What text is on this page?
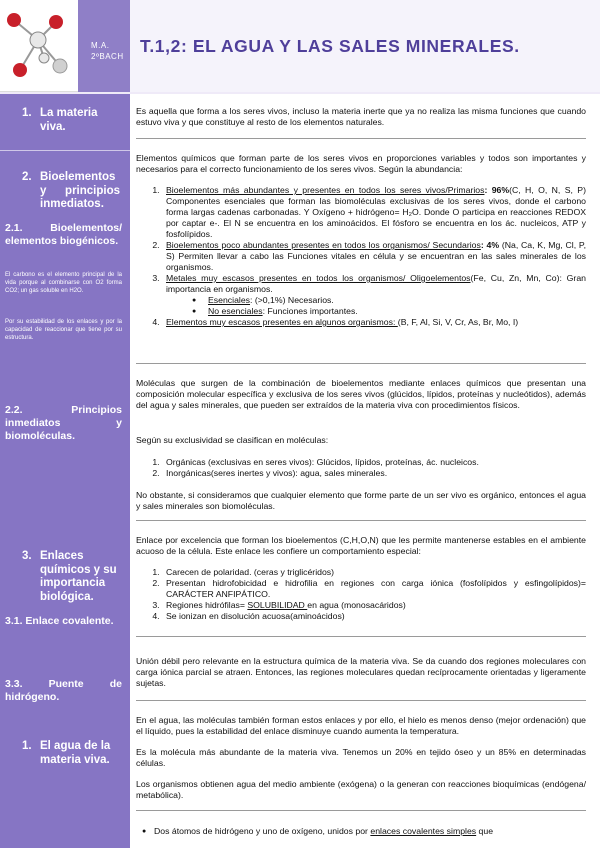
M.A.
2ºBACH
T.1,2: EL AGUA Y LAS SALES MINERALES.
1. La materia viva.
2. Bioelementos y principios inmediatos.
2.1. Bioelementos/ elementos biogénicos.
El carbono es el elemento principal de la vida porque al combinarse con O2 forma CO2; un gas soluble en H2O.
Por su estabilidad de los enlaces y por la capacidad de reaccionar que tiene por su estructura.
2.2. Principios inmediatos y biomoléculas.
3. Enlaces químicos y su importancia biológica.
3.1. Enlace covalente.
3.3. Puente de hidrógeno.
1. El agua de la materia viva.
Es aquella que forma a los seres vivos, incluso la materia inerte que ya no realiza las misma funciones que cuando estuvo viva y que constituye al resto de los elementos naturales.
Elementos químicos que forman parte de los seres vivos en proporciones variables y todos son importantes y necesarios para el correcto funcionamiento de los seres vivos. Según la abundancia:
1. Bioelementos más abundantes y presentes en todos los seres vivos/Primarios: 96%(C, H, O, N, S, P) Componentes esenciales que forman las biomoléculas exclusivas de los seres vivos, donde el carbono forma largas cadenas carbonadas. Y Oxígeno + hidrógeno= H₂O. Donde O participa en reacciones REDOX por captar e-. El N se encuentra en los aminoácidos. El fósforo se encuentra en los ác. nucleicos, ATP y fosfolípidos.
2. Bioelementos poco abundantes presentes en todos los organismos/ Secundarios: 4% (Na, Ca, K, Mg, Cl, P, S) Permiten llevar a cabo las Funciones vitales en célula y se encuentran en las sales minerales de los organismos.
3. Metales muy escasos presentes en todos los organismos/ Oligoelementos(Fe, Cu, Zn, Mn, Co): Gran importancia en organismos.
● Esenciales: (>0,1%) Necesarios.
● No esenciales: Funciones importantes.
4. Elementos muy escasos presentes en algunos organismos: (B, F, Al, Si, V, Cr, As, Br, Mo, I)
Moléculas que surgen de la combinación de bioelementos mediante enlaces químicos que presentan una composición molecular específica y exclusiva de los seres vivos (glúcidos, lípidos, proteínas y nucleótidos), además del agua y sales minerales, que pueden ser extraídos de la materia viva con procedimientos físicos.
Según su exclusividad se clasifican en moléculas:
1. Orgánicas (exclusivas en seres vivos): Glúcidos, lípidos, proteínas, ác. nucleicos.
2. Inorgánicas(seres inertes y vivos): agua, sales minerales.
No obstante, si consideramos que cualquier elemento que forme parte de un ser vivo es orgánico, entonces el agua y sales minerales son biomoléculas.
Enlace por excelencia que forman los bioelementos (C,H,O,N) que les permite mantenerse estables en el ambiente acuoso de la célula. Este enlace les confiere un comportamiento especial:
1. Carecen de polaridad. (ceras y triglicéridos)
2. Presentan hidrofobicidad e hidrofilia en regiones con carga iónica (fosfolípidos y esfingolípidos)= CARÁCTER ANFIPÁTICO.
3. Regiones hidrófilas= SOLUBILIDAD en agua (monosacáridos)
4. Se ionizan en disolución acuosa(aminoácidos)
Unión débil pero relevante en la estructura química de la materia viva. Se da cuando dos regiones moleculares con carga iónica parcial se atraen. Entonces, las regiones moleculares quedan recíprocamente orientadas y ligeramente sujetas.
En el agua, las moléculas también forman estos enlaces y por ello, el hielo es menos denso (mejor ordenación) que el líquido, pues la estabilidad del enlace disminuye cuando aumenta la temperatura.
Es la molécula más abundante de la materia viva. Tenemos un 20% en tejido óseo y un 85% en determinadas células.
Los organismos obtienen agua del medio ambiente (exógena) o la generan con reacciones bioquímicas (endógena/ metabólica).
● Dos átomos de hidrógeno y uno de oxígeno, unidos por enlaces covalentes simples que
